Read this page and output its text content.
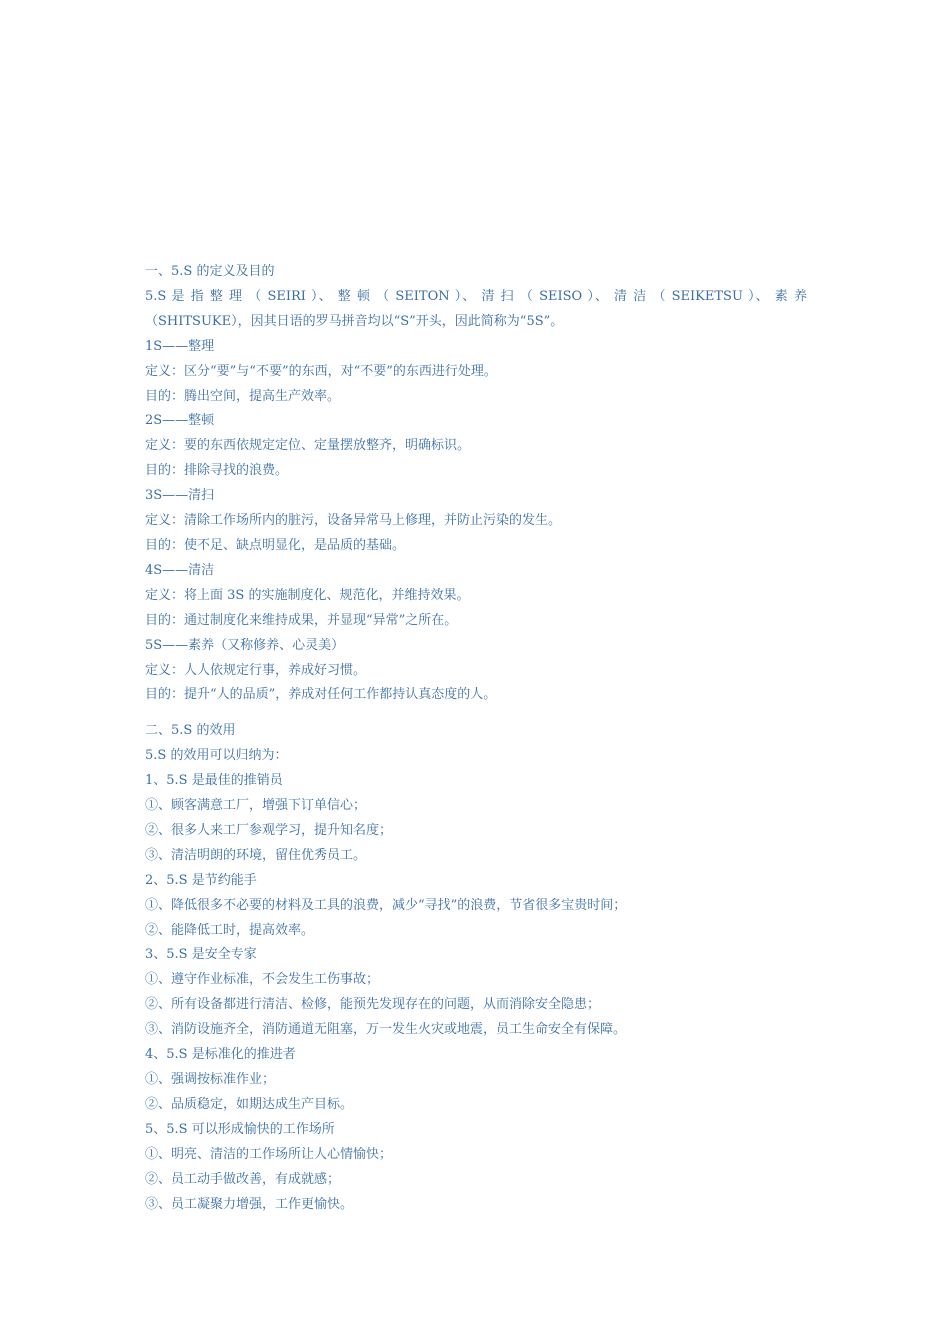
一、5.S 的定义及目的
5.S 是 指 整 理 （ SEIRI ）、 整 顿 （ SEITON ）、 清 扫 （ SEISO ）、 清 洁 （ SEIKETSU ）、 素 养（SHITSUKE），因其日语的罗马拼音均以“S”开头，因此简称为“5S”。
1S——整理
定义：区分“要”与“不要”的东西，对“不要”的东西进行处理。
目的：腾出空间，提高生产效率。
2S——整顿
定义：要的东西依规定定位、定量摆放整齐，明确标识。
目的：排除寻找的浪费。
3S——清扫
定义：清除工作场所内的脏污，设备异常马上修理，并防止污染的发生。
目的：使不足、缺点明显化，是品质的基础。
4S——清洁
定义：将上面 3S 的实施制度化、规范化，并维持效果。
目的：通过制度化来维持成果，并显现“异常”之所在。
5S——素养（又称修养、心灵美）
定义：人人依规定行事，养成好习惯。
目的：提升“人的品质”，养成对任何工作都持认真态度的人。
二、5.S 的效用
5.S 的效用可以归纳为：
1、5.S 是最佳的推销员
①、顾客满意工厂，增强下订单信心；
②、很多人来工厂参观学习，提升知名度；
③、清洁明朗的环境，留住优秀员工。
2、5.S 是节约能手
①、降低很多不必要的材料及工具的浪费，减少“寻找”的浪费，节省很多宝贵时间；
②、能降低工时，提高效率。
3、5.S 是安全专家
①、遵守作业标准，不会发生工伤事故；
②、所有设备都进行清洁、检修，能预先发现存在的问题，从而消除安全隐患；
③、消防设施齐全，消防通道无阻塞，万一发生火灾或地震，员工生命安全有保障。
4、5.S 是标准化的推进者
①、强调按标准作业；
②、品质稳定，如期达成生产目标。
5、5.S 可以形成愉快的工作场所
①、明亮、清洁的工作场所让人心情愉快；
②、员工动手做改善，有成就感；
③、员工凝聚力增强，工作更愉快。
